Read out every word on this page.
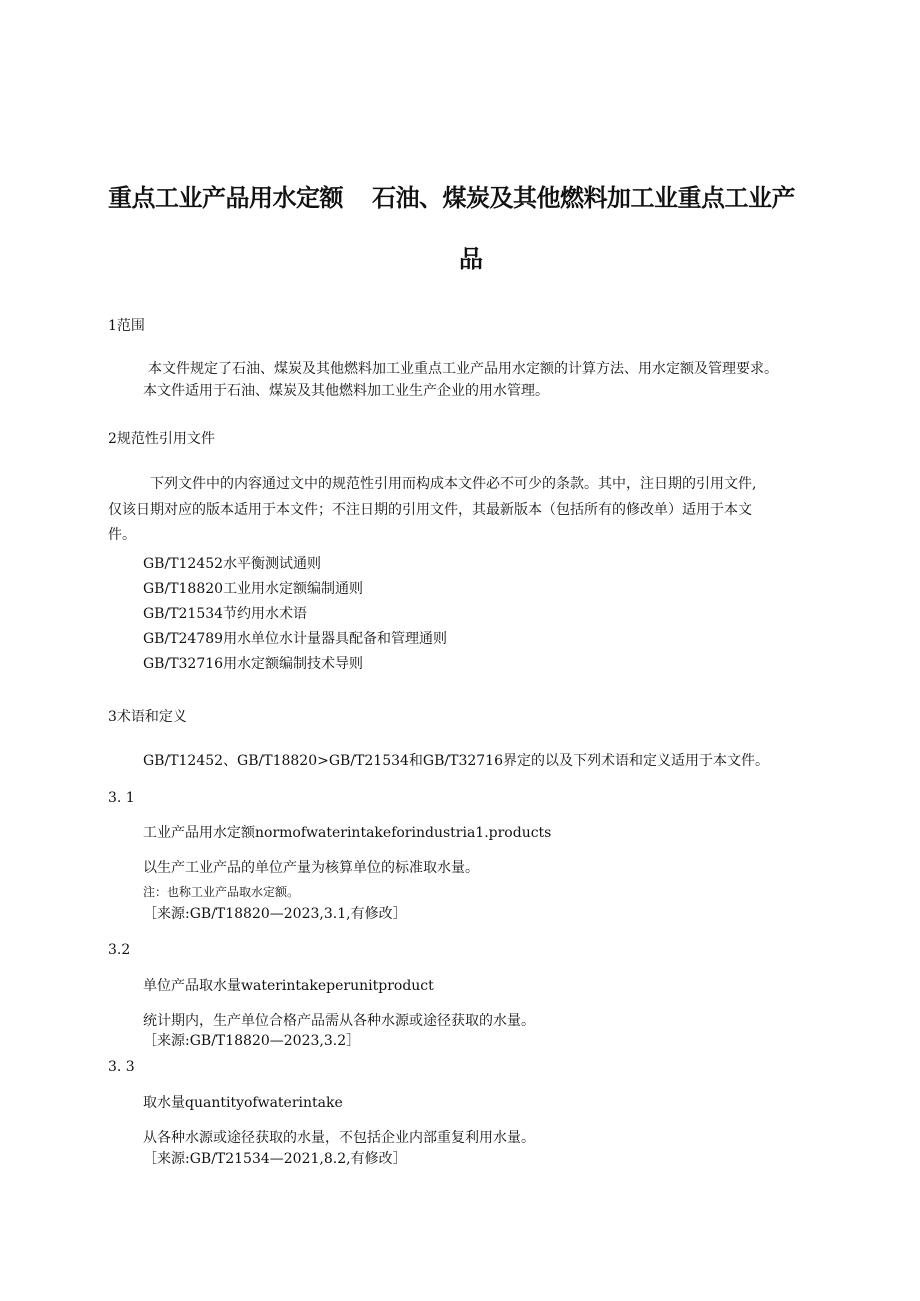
重点工业产品用水定额 石油、煤炭及其他燃料加工业重点工业产
品
1范围
本文件规定了石油、煤炭及其他燃料加工业重点工业产品用水定额的计算方法、用水定额及管理要求。
本文件适用于石油、煤炭及其他燃料加工业生产企业的用水管理。
2规范性引用文件
下列文件中的内容通过文中的规范性引用而构成本文件必不可少的条款。其中，注日期的引用文件,
仅该日期对应的版本适用于本文件；不注日期的引用文件，其最新版本（包括所有的修改单）适用于本文
件。
GB/T12452水平衡测试通则
GB/T18820工业用水定额编制通则
GB/T21534节约用水术语
GB/T24789用水单位水计量器具配备和管理通则
GB/T32716用水定额编制技术导则
3术语和定义
GB/T12452、GB/T18820>GB/T21534和GB/T32716界定的以及下列术语和定义适用于本文件。
3. 1
工业产品用水定额normofwaterintakeforindustria1.products
以生产工业产品的单位产量为核算单位的标准取水量。
注：也称工业产品取水定额。
［来源:GB/T18820—2023,3.1,有修改］
3.2
单位产品取水量waterintakeperunitproduct
统计期内，生产单位合格产品需从各种水源或途径获取的水量。
［来源:GB/T18820—2023,3.2］
3. 3
取水量quantityofwaterintake
从各种水源或途径获取的水量，不包括企业内部重复利用水量。
［来源:GB/T21534—2021,8.2,有修改］
